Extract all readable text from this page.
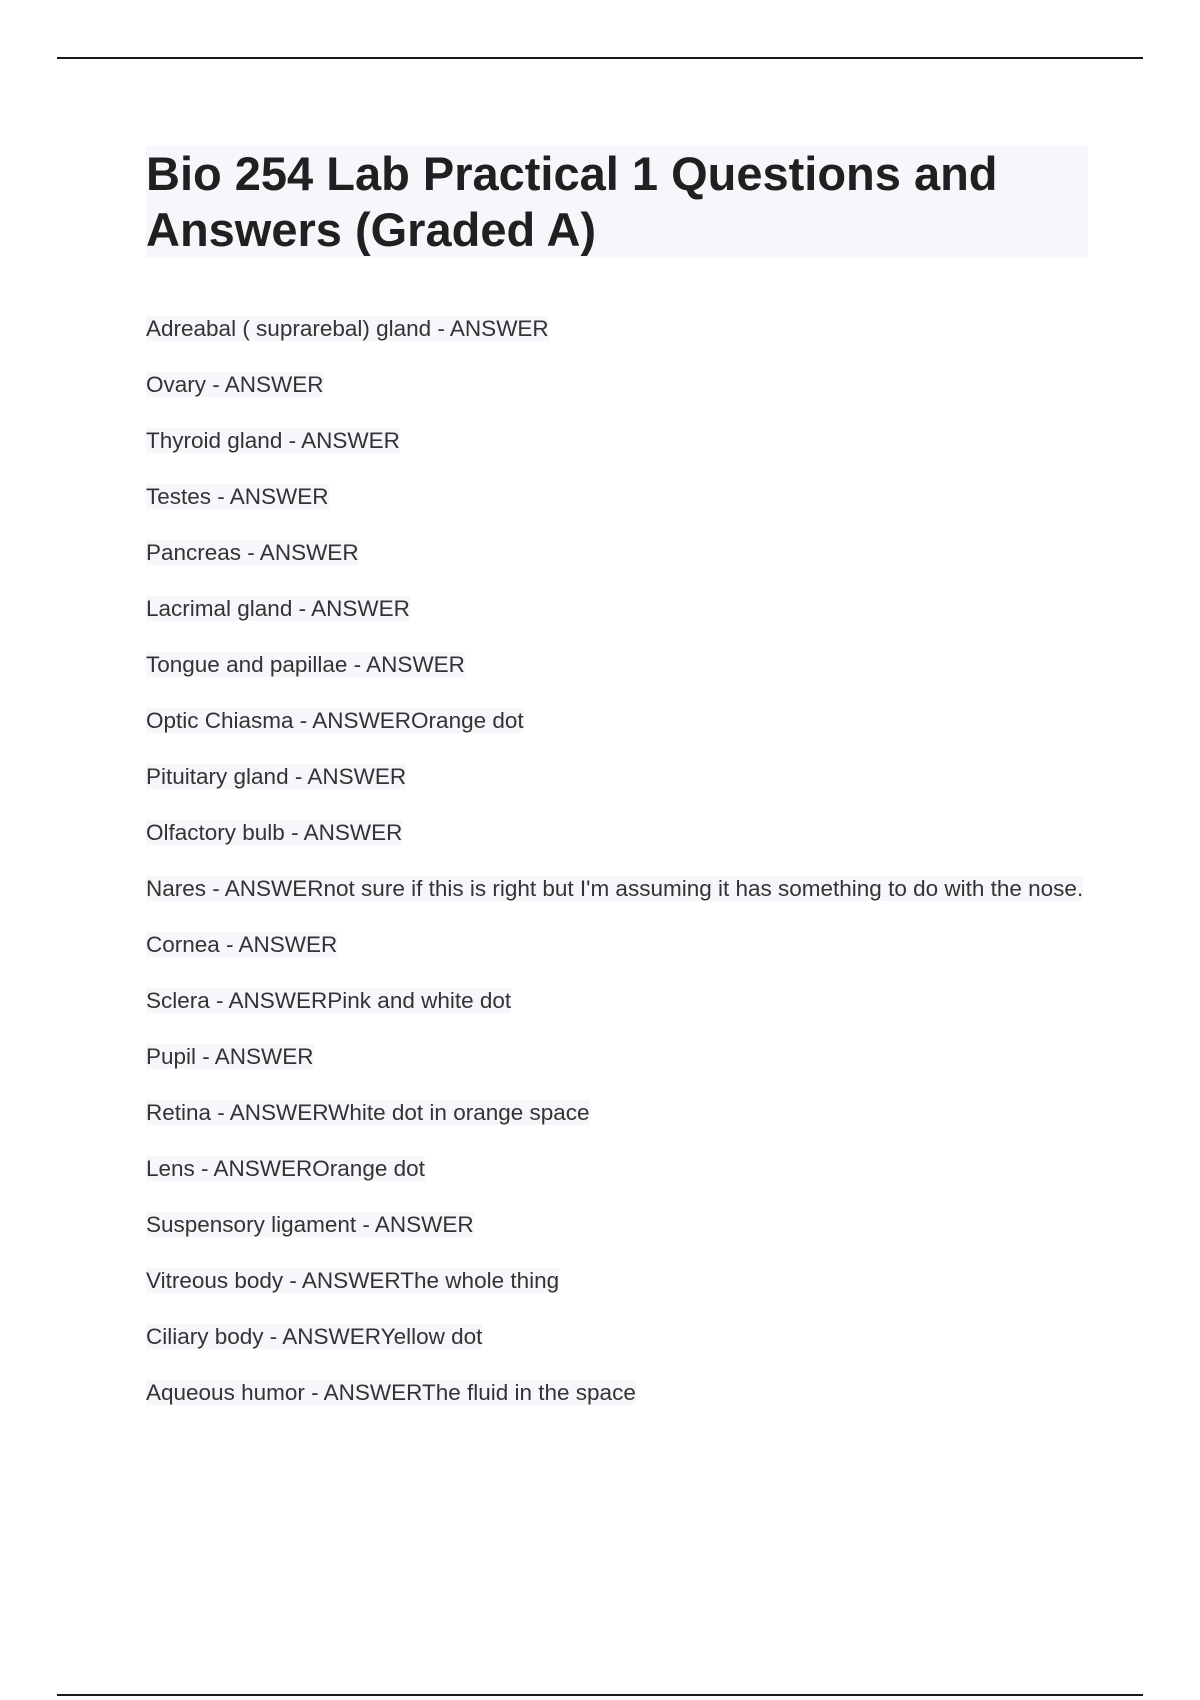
Bio 254 Lab Practical 1 Questions and Answers (Graded A)
Adreabal ( suprarebal) gland - ANSWER
Ovary - ANSWER
Thyroid gland - ANSWER
Testes - ANSWER
Pancreas - ANSWER
Lacrimal gland - ANSWER
Tongue and papillae - ANSWER
Optic Chiasma - ANSWEROrange dot
Pituitary gland - ANSWER
Olfactory bulb - ANSWER
Nares - ANSWERnot sure if this is right but I'm assuming it has something to do with the nose.
Cornea - ANSWER
Sclera - ANSWERPink and white dot
Pupil - ANSWER
Retina - ANSWERWhite dot in orange space
Lens - ANSWEROrange dot
Suspensory ligament - ANSWER
Vitreous body - ANSWERThe whole thing
Ciliary body - ANSWERYellow dot
Aqueous humor - ANSWERThe fluid in the space
